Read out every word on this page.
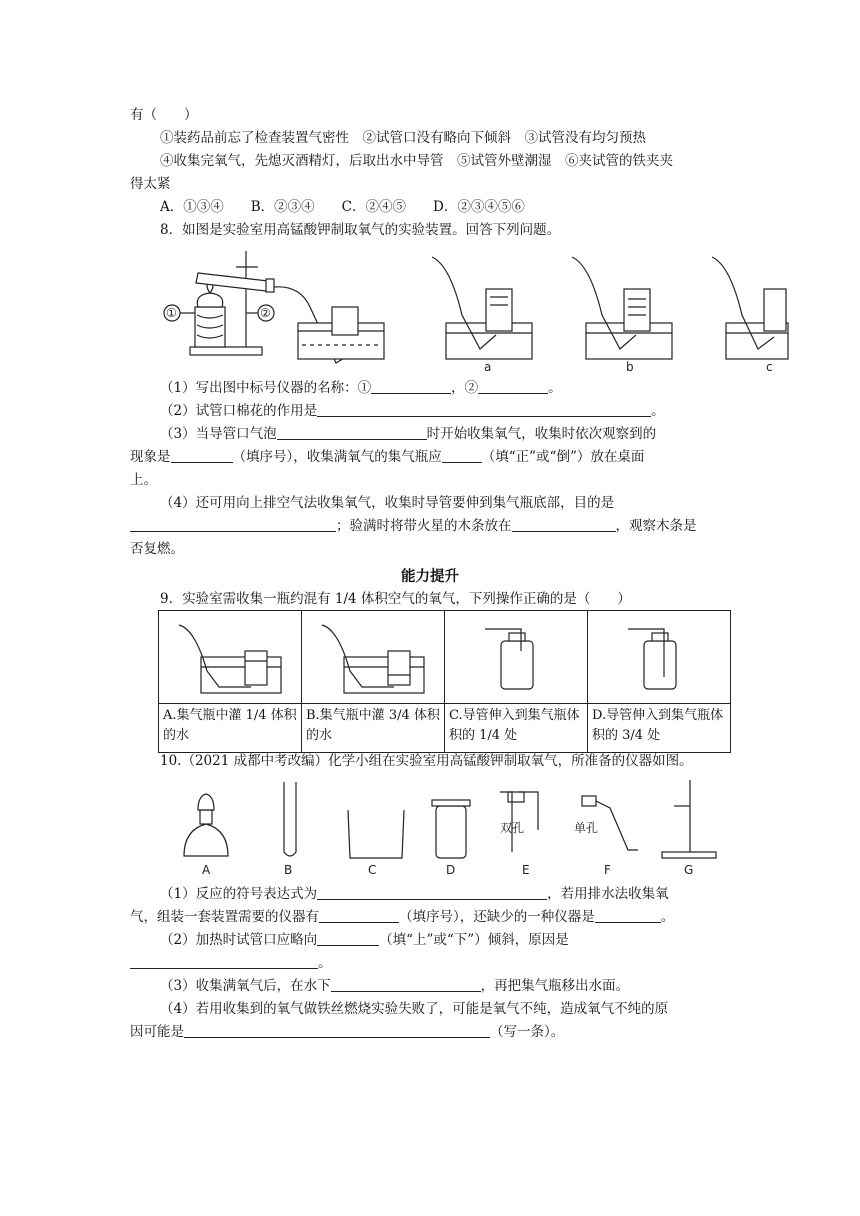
有（　　）
①装药品前忘了检查装置气密性　②试管口没有略向下倾斜　③试管没有均匀预热
④收集完氧气，先熄灭酒精灯，后取出水中导管　⑤试管外壁潮湿　⑥夹试管的铁夹夹
得太紧
A．①③④　　B．②③④　　C．②④⑤　　D．②③④⑤⑥
8．如图是实验室用高锰酸钾制取氧气的实验装置。回答下列问题。
①	②
a	b	c
（1）写出图中标号仪器的名称：①	，②	。
（2）试管口棉花的作用是	。
（3）当导管口气泡	时开始收集氧气，收集时依次观察到的
现象是	（填序号），收集满氧气的集气瓶应	（填“正”或“倒”）放在桌面
上。
（4）还可用向上排空气法收集氧气，收集时导管要伸到集气瓶底部，目的是
；验满时将带火星的木条放在	，观察木条是
否复燃。
能力提升
9．实验室需收集一瓶约混有 1/4 体积空气的氧气，下列操作正确的是（　　）

A.集气瓶中灌 1/4 体积的水	B.集气瓶中灌 3/4 体积的水	C.导管伸入到集气瓶体积的 1/4 处	D.导管伸入到集气瓶体积的 3/4 处
10.（2021 成都中考改编）化学小组在实验室用高锰酸钾制取氧气，所准备的仪器如图。
A	B	C	D
双孔
E
单孔
F	G
（1）反应的符号表达式为	，若用排水法收集氧
气，组装一套装置需要的仪器有	（填序号），还缺少的一种仪器是	。
（2）加热时试管口应略向	（填“上”或“下”）倾斜，原因是
。
（3）收集满氧气后，在水下	，再把集气瓶移出水面。
（4）若用收集到的氧气做铁丝燃烧实验失败了，可能是氧气不纯，造成氧气不纯的原
因可能是	（写一条）。
